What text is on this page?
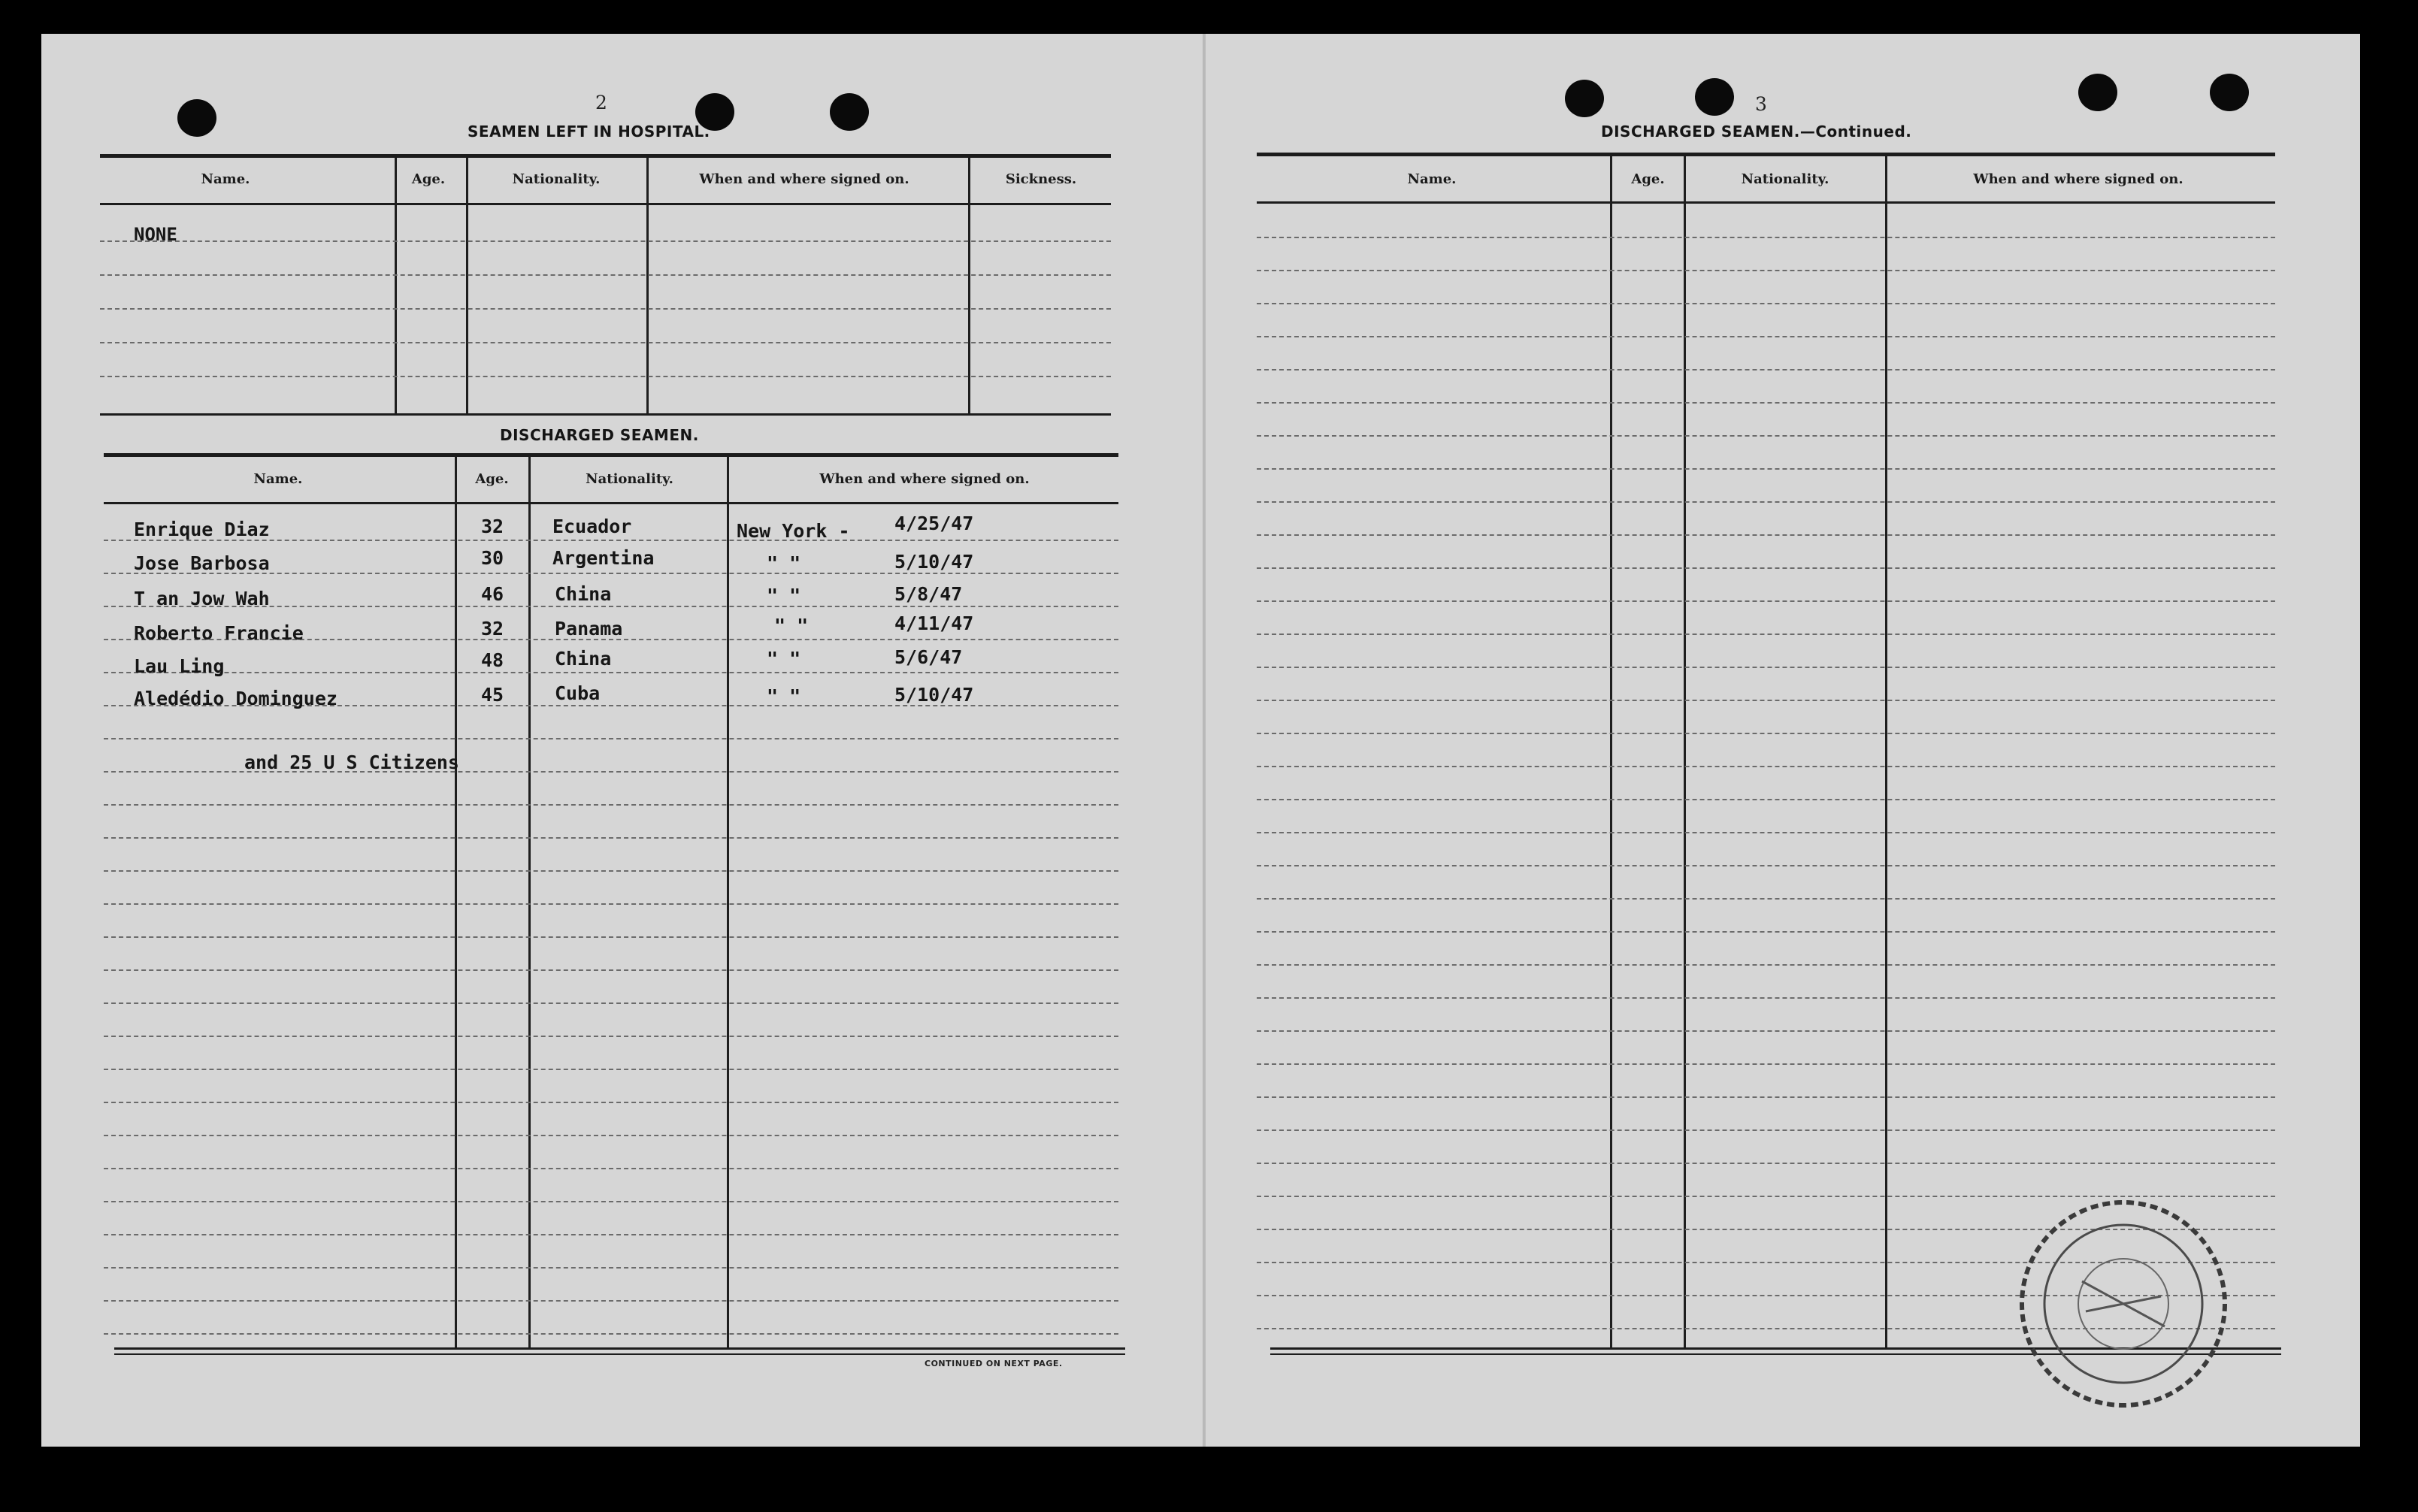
2
SEAMEN LEFT IN HOSPITAL.
Name.	Age.	Nationality.	When and where signed on.	Sickness.
NONE
DISCHARGED SEAMEN.
Name.	Age.	Nationality.	When and where signed on.
Enrique Diaz	32	Ecuador	New York - 4/25/47
Jose Barbosa	30	Argentina	" "	5/10/47
T an Jow Wah	46	China	" "	5/8/47
Roberto Francie	32	Panama	" "	4/11/47
Lau Ling	48	China	" "	5/6/47
Aledédio Dominguez	45	Cuba	" "	5/10/47
and 25 U S Citizens
CONTINUED ON NEXT PAGE.
3
DISCHARGED SEAMEN.—Continued.
Name.	Age.	Nationality.	When and where signed on.
